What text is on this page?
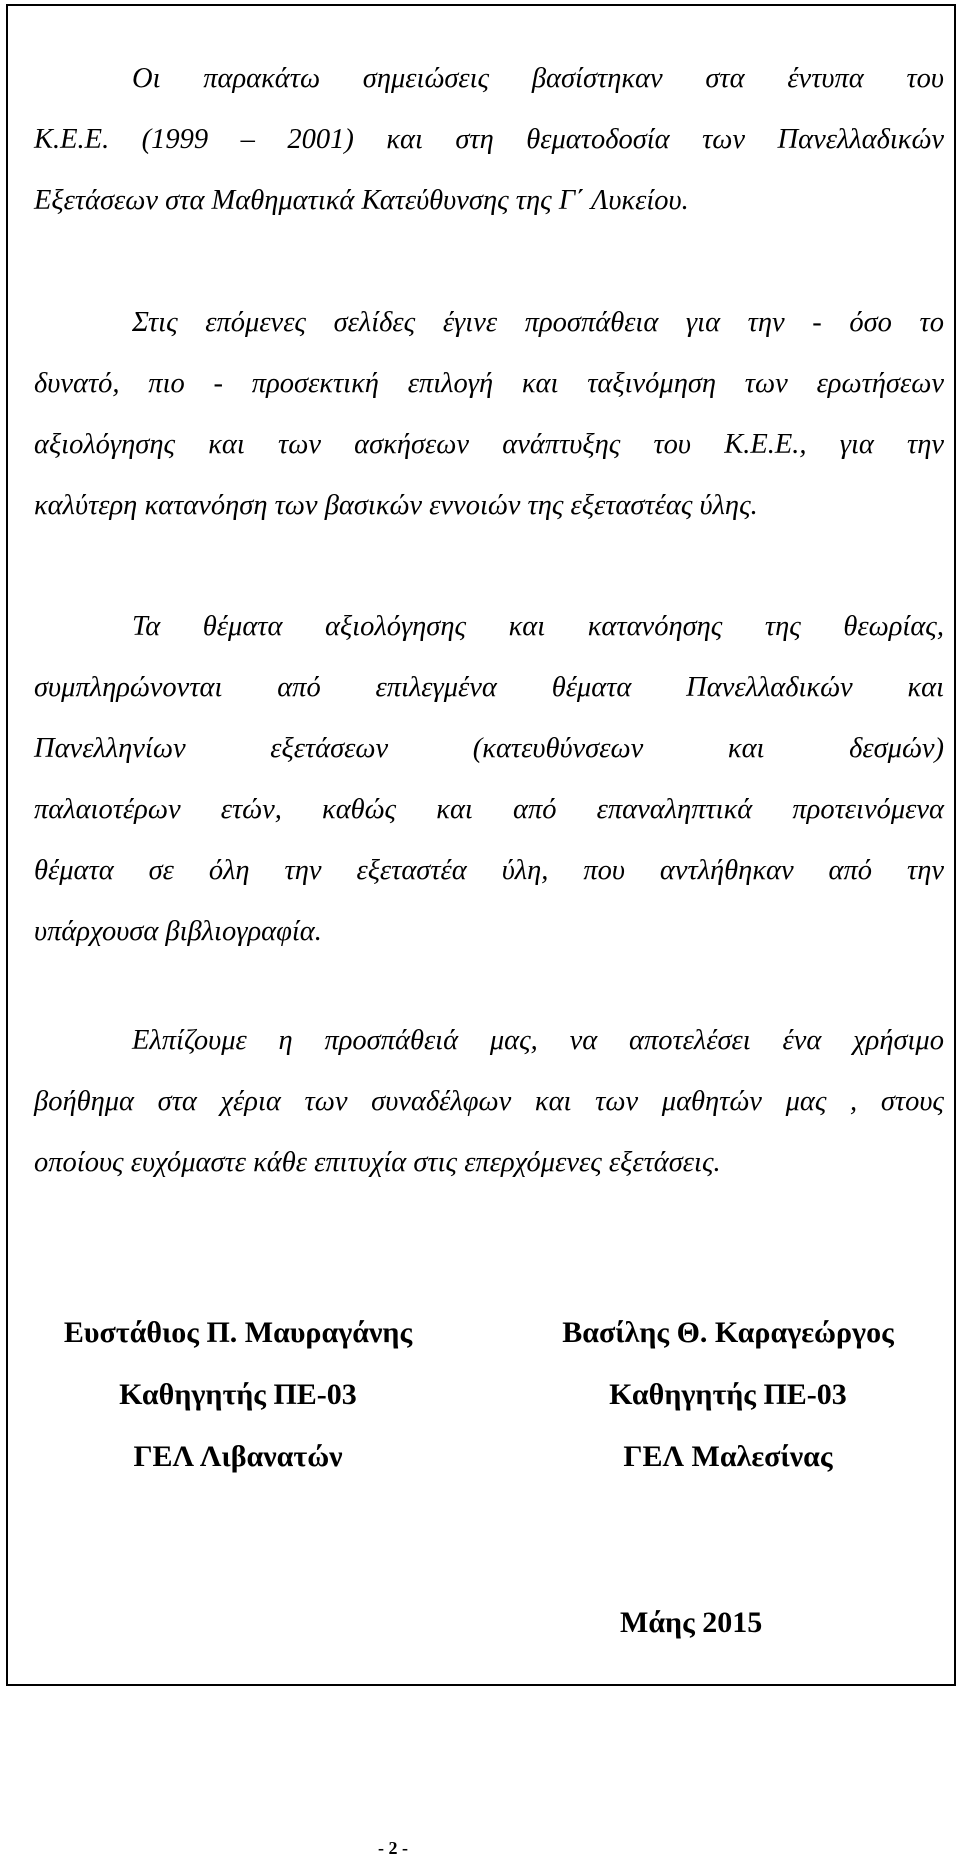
Οι παρακάτω σημειώσεις βασίστηκαν στα έντυπα του
Κ.Ε.Ε. (1999 – 2001) και στη θεματοδοσία των Πανελλαδικών
Εξετάσεων στα Μαθηματικά Κατεύθυνσης της Γ΄ Λυκείου.
Στις επόμενες σελίδες έγινε προσπάθεια για την - όσο το
δυνατό, πιο - προσεκτική επιλογή και ταξινόμηση των ερωτήσεων
αξιολόγησης και των ασκήσεων ανάπτυξης του Κ.Ε.Ε., για την
καλύτερη κατανόηση των βασικών εννοιών της εξεταστέας ύλης.
Τα θέματα αξιολόγησης και κατανόησης της θεωρίας,
συμπληρώνονται από επιλεγμένα θέματα Πανελλαδικών και
Πανελληνίων εξετάσεων (κατευθύνσεων και δεσμών)
παλαιοτέρων ετών, καθώς και από επαναληπτικά προτεινόμενα
θέματα σε όλη την εξεταστέα ύλη, που αντλήθηκαν από την
υπάρχουσα βιβλιογραφία.
Ελπίζουμε η προσπάθειά μας, να αποτελέσει ένα χρήσιμο
βοήθημα στα χέρια των συναδέλφων και των μαθητών μας , στους
οποίους ευχόμαστε κάθε επιτυχία στις επερχόμενες εξετάσεις.
Ευστάθιος Π. Μαυραγάνης
Καθηγητής ΠΕ-03
ΓΕΛ Λιβανατών
Βασίλης Θ. Καραγεώργος
Καθηγητής ΠΕ-03
ΓΕΛ Μαλεσίνας
Μάης 2015
- 2 -
